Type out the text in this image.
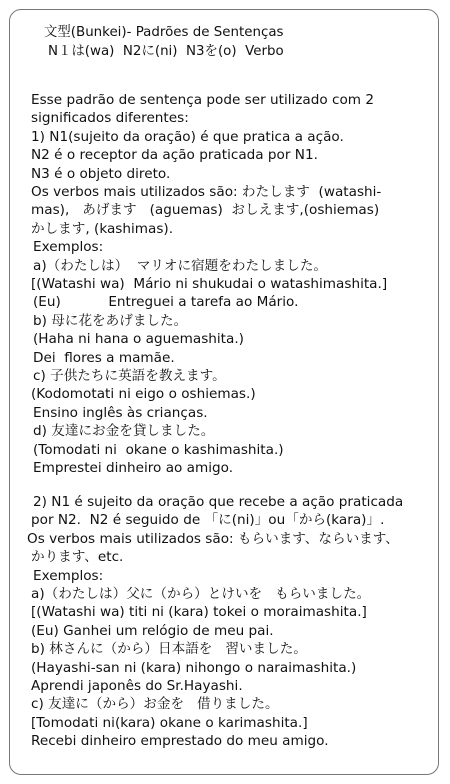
文型(Bunkei)- Padrões de Sentenças
N１は(wa)  N2に(ni)  N3を(o)  Verbo
Esse padrão de sentença pode ser utilizado com 2
significados diferentes:
1) N1(sujeito da oração) é que pratica a ação.
N2 é o receptor da ação praticada por N1.
N3 é o objeto direto.
Os verbos mais utilizados são: わたします  (watashi-
mas),   あげます   (aguemas)  おしえます,(oshiemas)
かします, (kashimas).
Exemplos:
a)（わたしは）  マリオに宿題をわたしました。
[(Watashi wa)  Mário ni shukudai o watashimashita.]
(Eu)           Entreguei a tarefa ao Mário.
b) 母に花をあげました。
(Haha ni hana o aguemashita.)
Dei  flores a mamãe.
c) 子供たちに英語を教えます。
(Kodomotati ni eigo o oshiemas.)
Ensino inglês às crianças.
d) 友達にお金を貸しました。
(Tomodati ni  okane o kashimashita.)
Emprestei dinheiro ao amigo.
2) N1 é sujeito da oração que recebe a ação praticada
por N2.  N2 é seguido de 「に(ni)」ou「から(kara)」.
Os verbos mais utilizados são: もらいます、ならいます、
かります、etc.
Exemplos:
a)（わたしは）父に（から）とけいを   もらいました。
[(Watashi wa) titi ni (kara) tokei o moraimashita.]
(Eu) Ganhei um relógio de meu pai.
b) 林さんに（から）日本語を   習いました。
(Hayashi-san ni (kara) nihongo o naraimashita.)
Aprendi japonês do Sr.Hayashi.
c) 友達に（から）お金を   借りました。
[Tomodati ni(kara) okane o karimashita.]
Recebi dinheiro emprestado do meu amigo.
